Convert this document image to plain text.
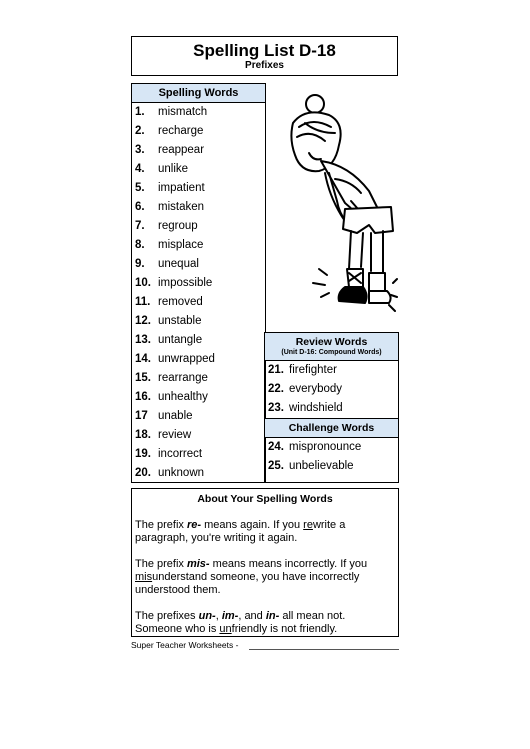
Spelling List D-18
Prefixes
Spelling Words
1. mismatch
2. recharge
3. reappear
4. unlike
5. impatient
6. mistaken
7. regroup
8. misplace
9. unequal
10. impossible
11. removed
12. unstable
13. untangle
14. unwrapped
15. rearrange
16. unhealthy
17 unable
18. review
19. incorrect
20. unknown
Review Words
(Unit D-16: Compound Words)
21. firefighter
22. everybody
23. windshield
Challenge Words
24. mispronounce
25. unbelievable
About Your Spelling Words

The prefix re- means again. If you rewrite a paragraph, you're writing it again.

The prefix mis- means means incorrectly. If you misunderstand someone, you have incorrectly understood them.

The prefixes un-, im-, and in- all mean not. Someone who is unfriendly is not friendly.

Super Teacher Worksheets -
